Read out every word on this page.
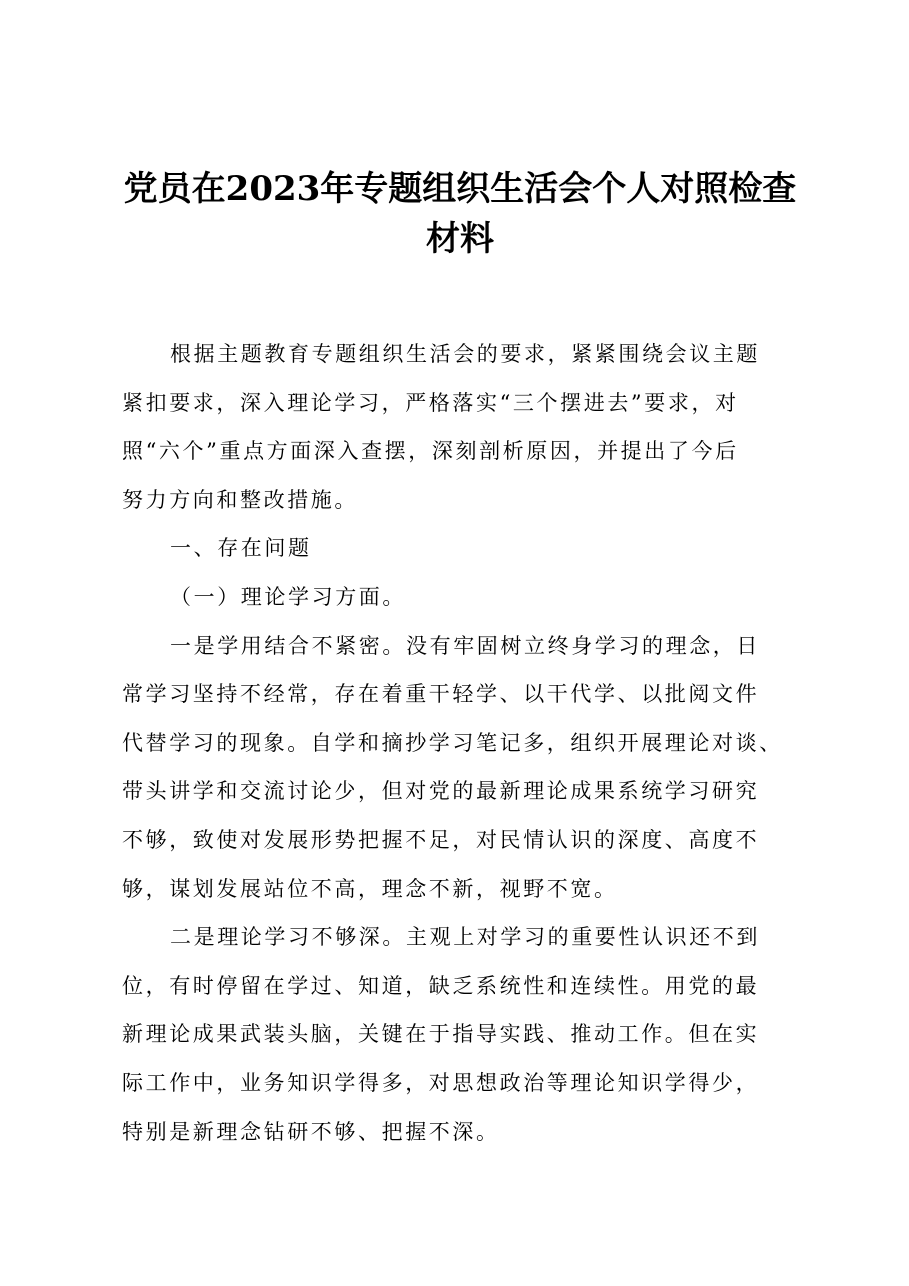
党员在2023年专题组织生活会个人对照检查
材料
根据主题教育专题组织生活会的要求，紧紧围绕会议主题
紧扣要求，深入理论学习，严格落实“三个摆进去”要求，对
照“六个”重点方面深入查摆，深刻剖析原因，并提出了今后
努力方向和整改措施。
一、存在问题
（一）理论学习方面。
一是学用结合不紧密。没有牢固树立终身学习的理念，日
常学习坚持不经常，存在着重干轻学、以干代学、以批阅文件
代替学习的现象。自学和摘抄学习笔记多，组织开展理论对谈、
带头讲学和交流讨论少，但对党的最新理论成果系统学习研究
不够，致使对发展形势把握不足，对民情认识的深度、高度不
够，谋划发展站位不高，理念不新，视野不宽。
二是理论学习不够深。主观上对学习的重要性认识还不到
位，有时停留在学过、知道，缺乏系统性和连续性。用党的最
新理论成果武装头脑，关键在于指导实践、推动工作。但在实
际工作中，业务知识学得多，对思想政治等理论知识学得少，
特别是新理念钻研不够、把握不深。
